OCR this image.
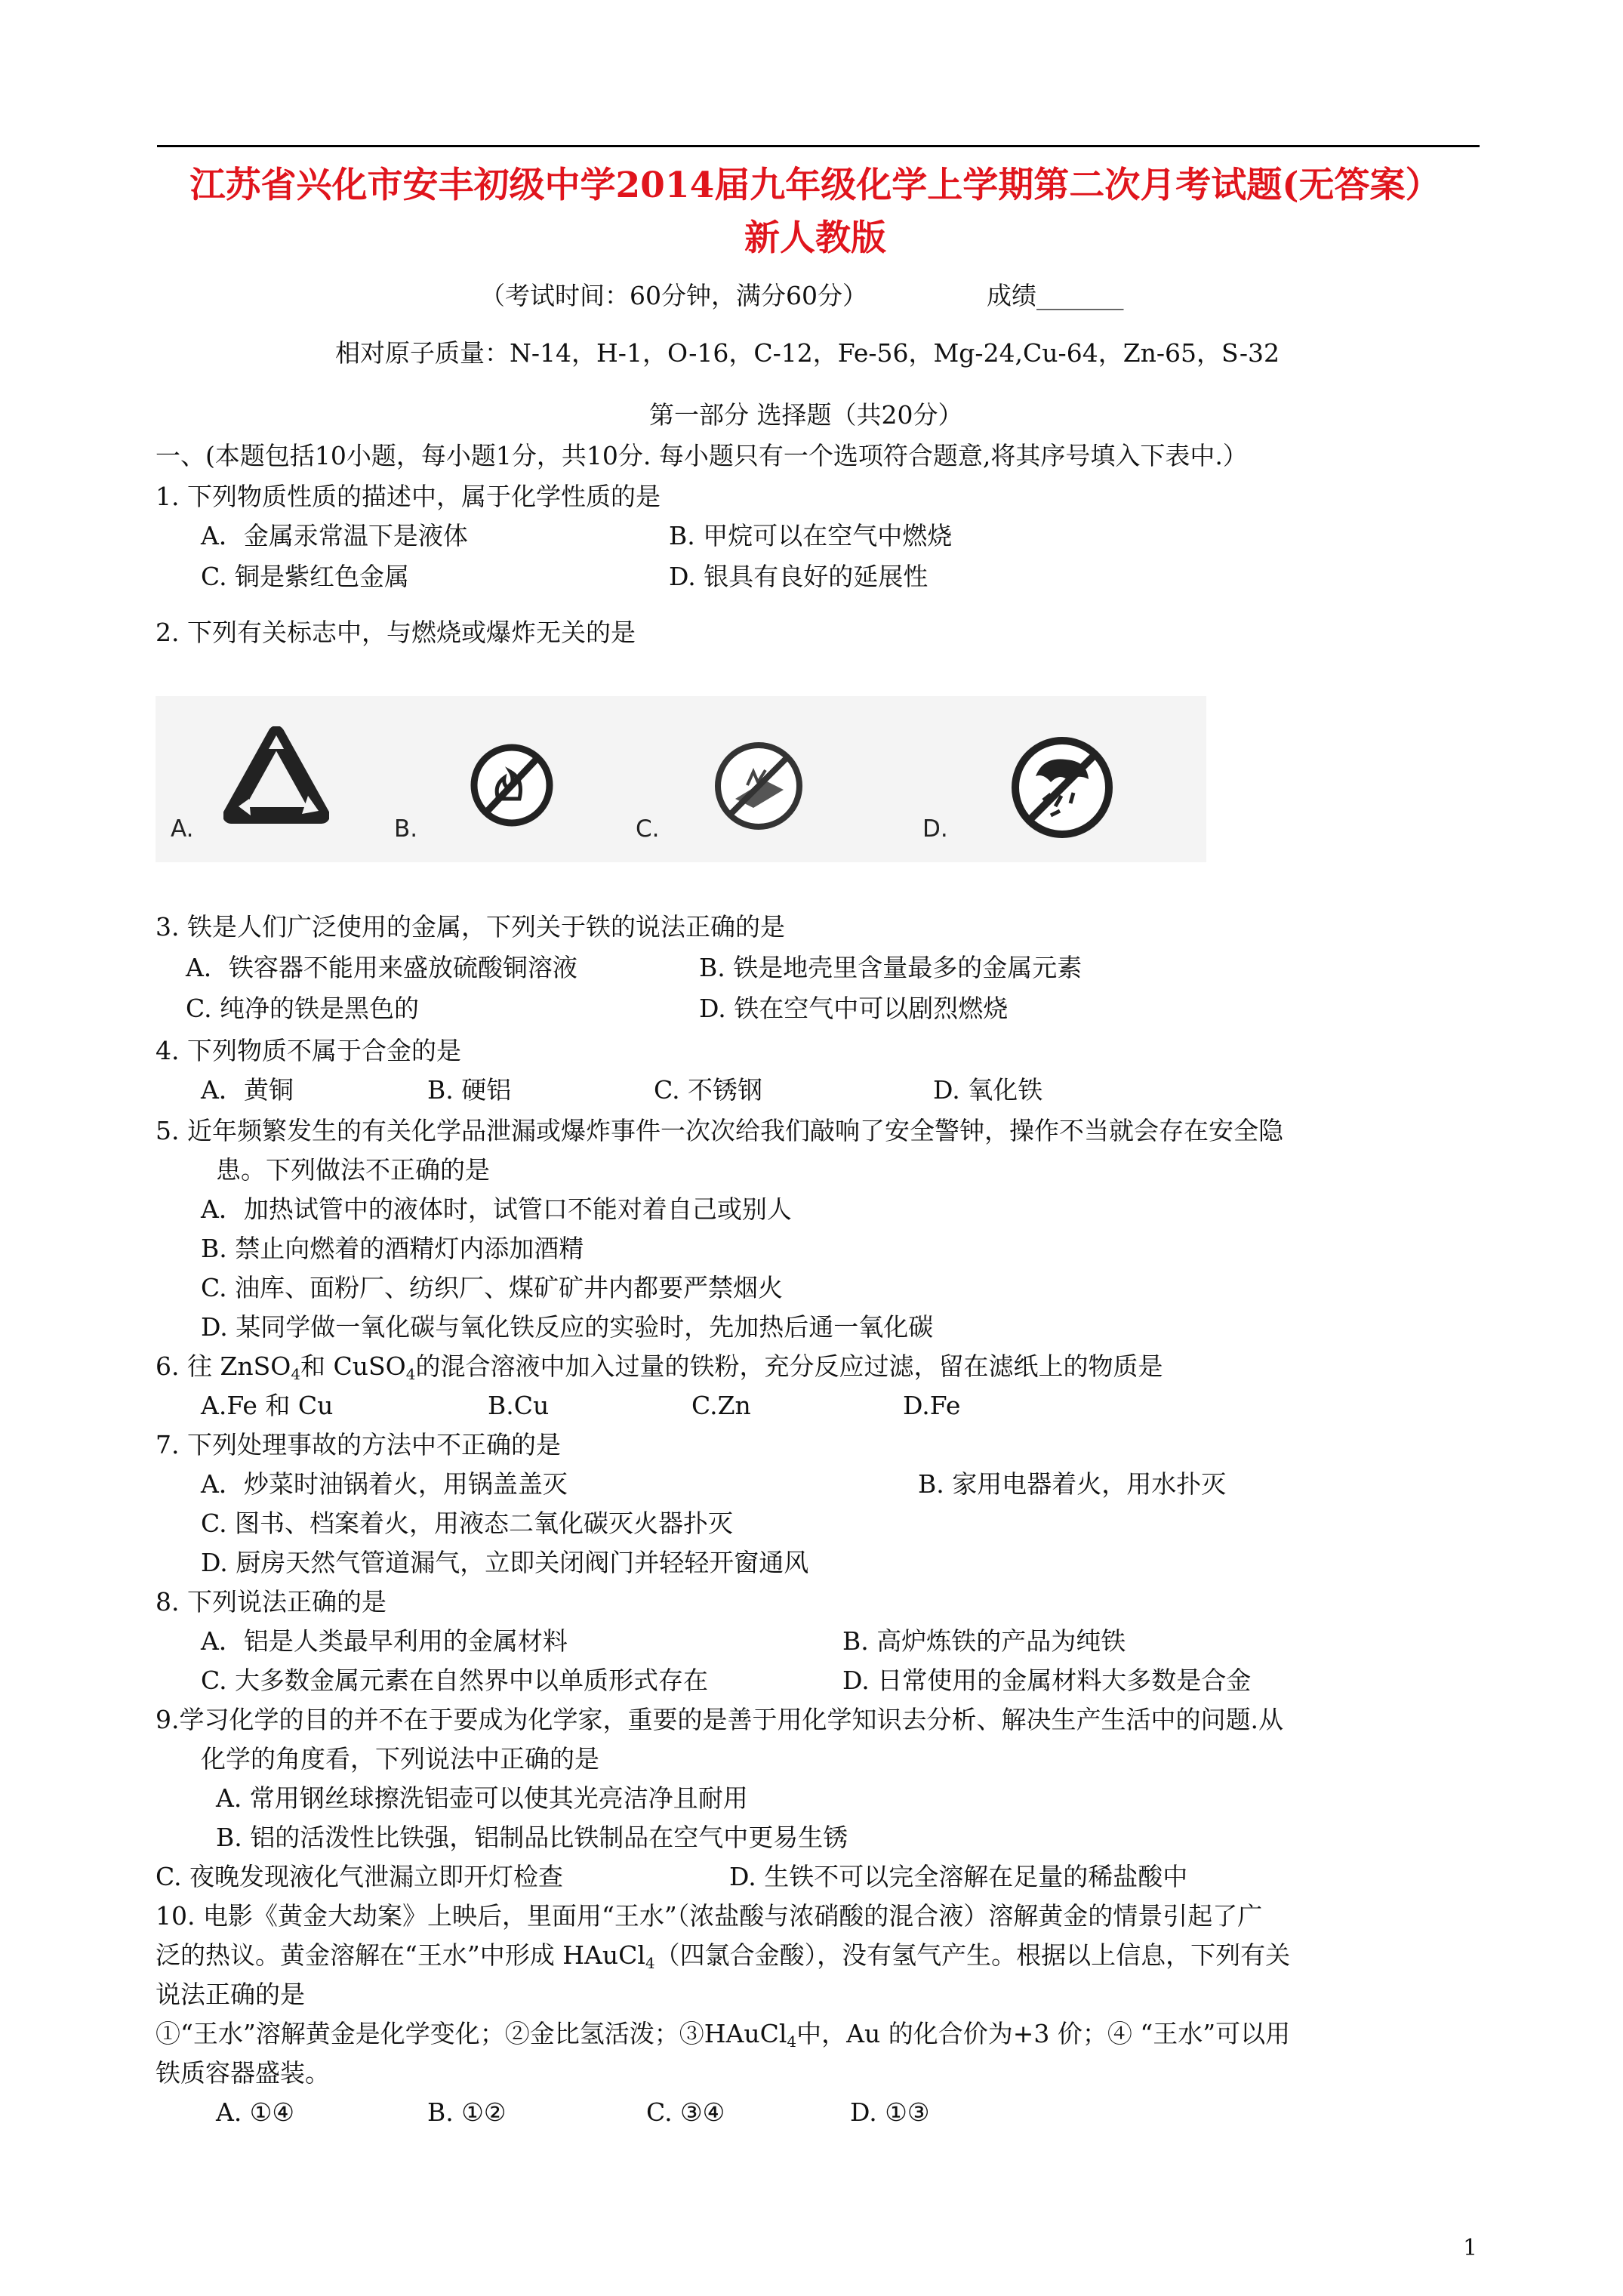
江苏省兴化市安丰初级中学2014届九年级化学上学期第二次月考试题(无答案）
新人教版
（考试时间：60分钟，满分60分）	成绩_______
相对原子质量：N-14，H-1，O-16，C-12，Fe-56，Mg-24,Cu-64，Zn-65，S-32
第一部分 选择题（共20分）
一、(本题包括10小题，每小题1分，共10分. 每小题只有一个选项符合题意,将其序号填入下表中.）
1. 下列物质性质的描述中，属于化学性质的是
A．金属汞常温下是液体	B. 甲烷可以在空气中燃烧
C. 铜是紫红色金属	D. 银具有良好的延展性
2. 下列有关标志中，与燃烧或爆炸无关的是
A.	B.	C.	D.
3. 铁是人们广泛使用的金属，下列关于铁的说法正确的是
A．铁容器不能用来盛放硫酸铜溶液	B. 铁是地壳里含量最多的金属元素
C. 纯净的铁是黑色的	D. 铁在空气中可以剧烈燃烧
4. 下列物质不属于合金的是
A．黄铜	B. 硬铝	C. 不锈钢	D. 氧化铁
5. 近年频繁发生的有关化学品泄漏或爆炸事件一次次给我们敲响了安全警钟，操作不当就会存在安全隐
患。下列做法不正确的是
A．加热试管中的液体时，试管口不能对着自己或别人
B. 禁止向燃着的酒精灯内添加酒精
C. 油库、面粉厂、纺织厂、煤矿矿井内都要严禁烟火
D. 某同学做一氧化碳与氧化铁反应的实验时，先加热后通一氧化碳
6. 往 ZnSO$_4$和 CuSO$_4$的混合溶液中加入过量的铁粉，充分反应过滤，留在滤纸上的物质是
A.Fe 和 Cu	B.Cu	C.Zn	D.Fe
7. 下列处理事故的方法中不正确的是
A．炒菜时油锅着火，用锅盖盖灭	B. 家用电器着火，用水扑灭
C. 图书、档案着火，用液态二氧化碳灭火器扑灭
D. 厨房天然气管道漏气，立即关闭阀门并轻轻开窗通风
8. 下列说法正确的是
A．铝是人类最早利用的金属材料	B. 高炉炼铁的产品为纯铁
C. 大多数金属元素在自然界中以单质形式存在	D. 日常使用的金属材料大多数是合金
9.学习化学的目的并不在于要成为化学家，重要的是善于用化学知识去分析、解决生产生活中的问题.从
化学的角度看，下列说法中正确的是
A. 常用钢丝球擦洗铝壶可以使其光亮洁净且耐用
B. 铝的活泼性比铁强，铝制品比铁制品在空气中更易生锈
C. 夜晚发现液化气泄漏立即开灯检查	D. 生铁不可以完全溶解在足量的稀盐酸中
10. 电影《黄金大劫案》上映后，里面用“王水”（浓盐酸与浓硝酸的混合液）溶解黄金的情景引起了广
泛的热议。黄金溶解在“王水”中形成 HAuCl$_4$（四氯合金酸），没有氢气产生。根据以上信息，下列有关
说法正确的是
①“王水”溶解黄金是化学变化；②金比氢活泼；③HAuCl$_4$中，Au 的化合价为+3 价；④ “王水”可以用
铁质容器盛装。
A. ①④	B. ①②	C. ③④	D. ①③
1
